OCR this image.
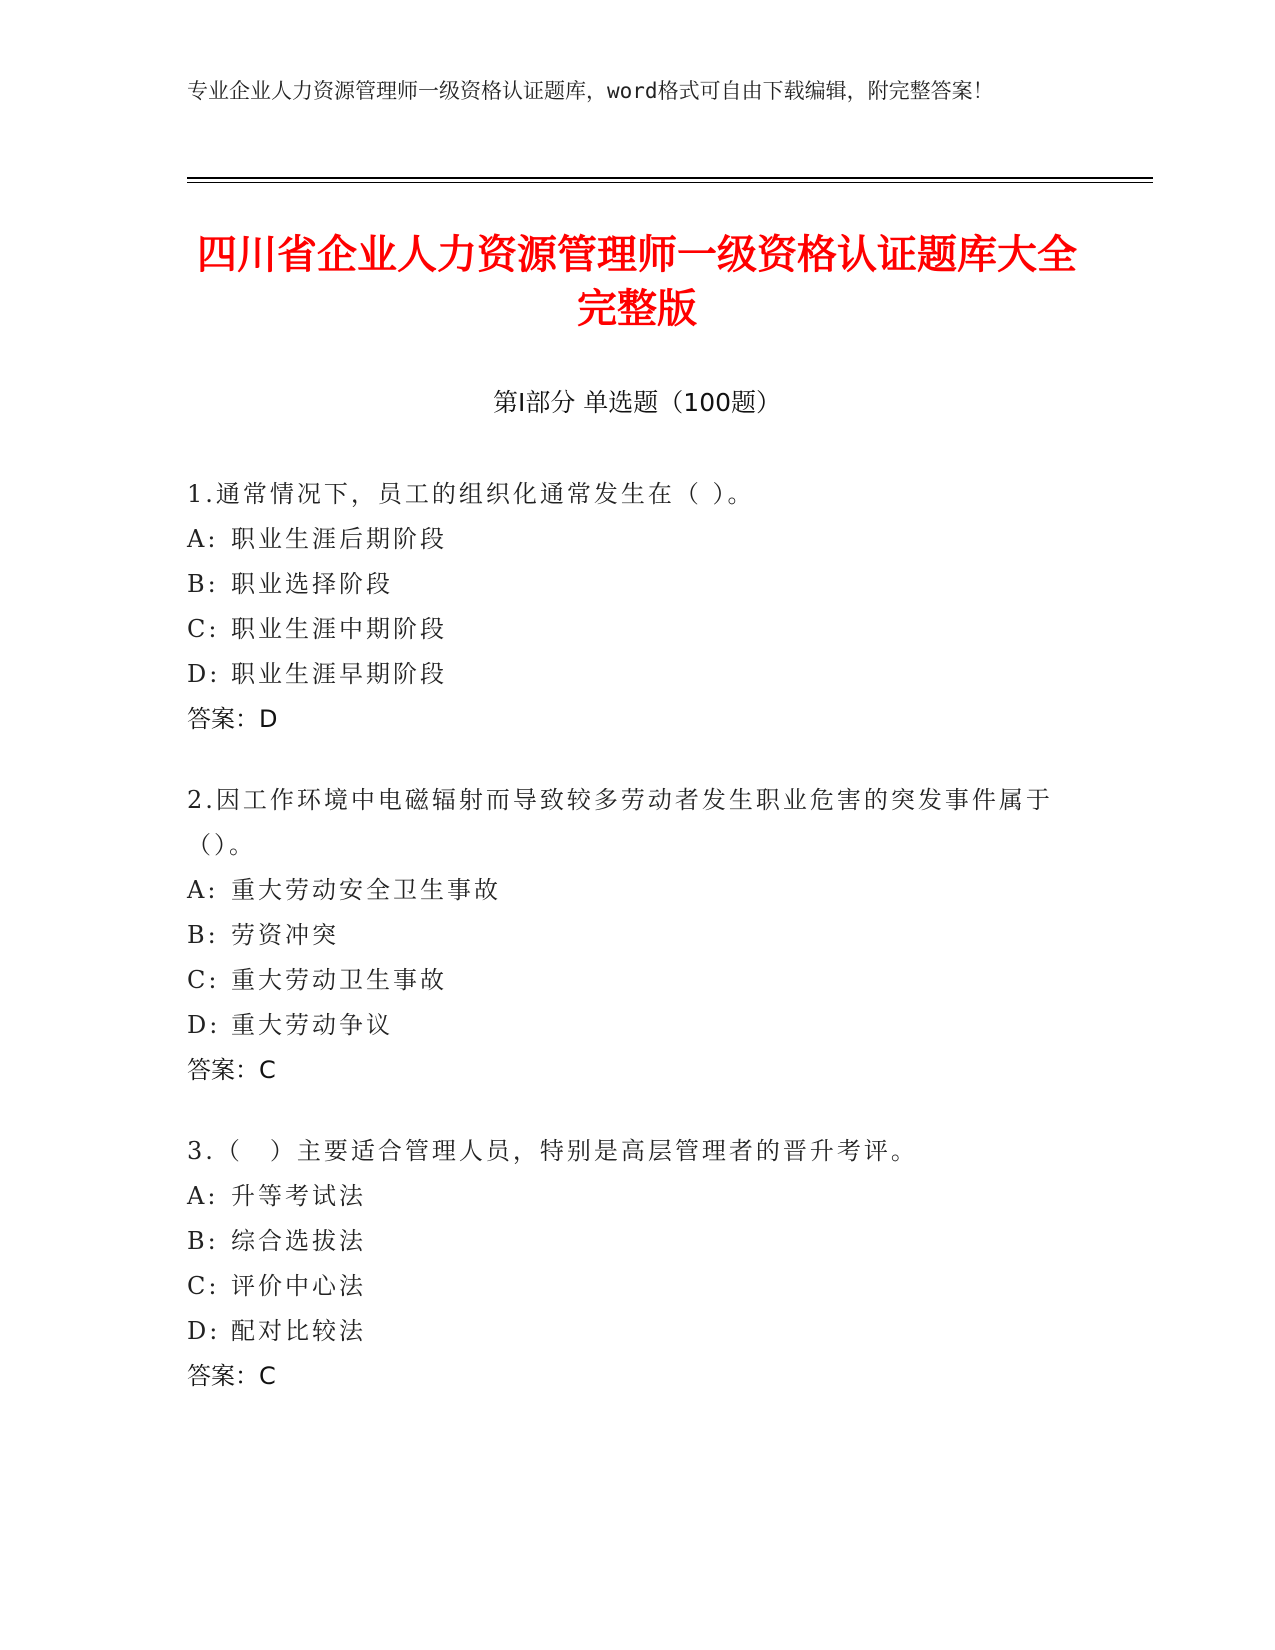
专业企业人力资源管理师一级资格认证题库，word格式可自由下载编辑，附完整答案！
四川省企业人力资源管理师一级资格认证题库大全完整版
第Ⅰ部分 单选题（100题）
1.通常情况下，员工的组织化通常发生在（ ）。
A: 职业生涯后期阶段
B: 职业选择阶段
C: 职业生涯中期阶段
D: 职业生涯早期阶段
答案：D
2.因工作环境中电磁辐射而导致较多劳动者发生职业危害的突发事件属于（）。
A: 重大劳动安全卫生事故
B: 劳资冲突
C: 重大劳动卫生事故
D: 重大劳动争议
答案：C
3.（　）主要适合管理人员，特别是高层管理者的晋升考评。
A: 升等考试法
B: 综合选拔法
C: 评价中心法
D: 配对比较法
答案：C
